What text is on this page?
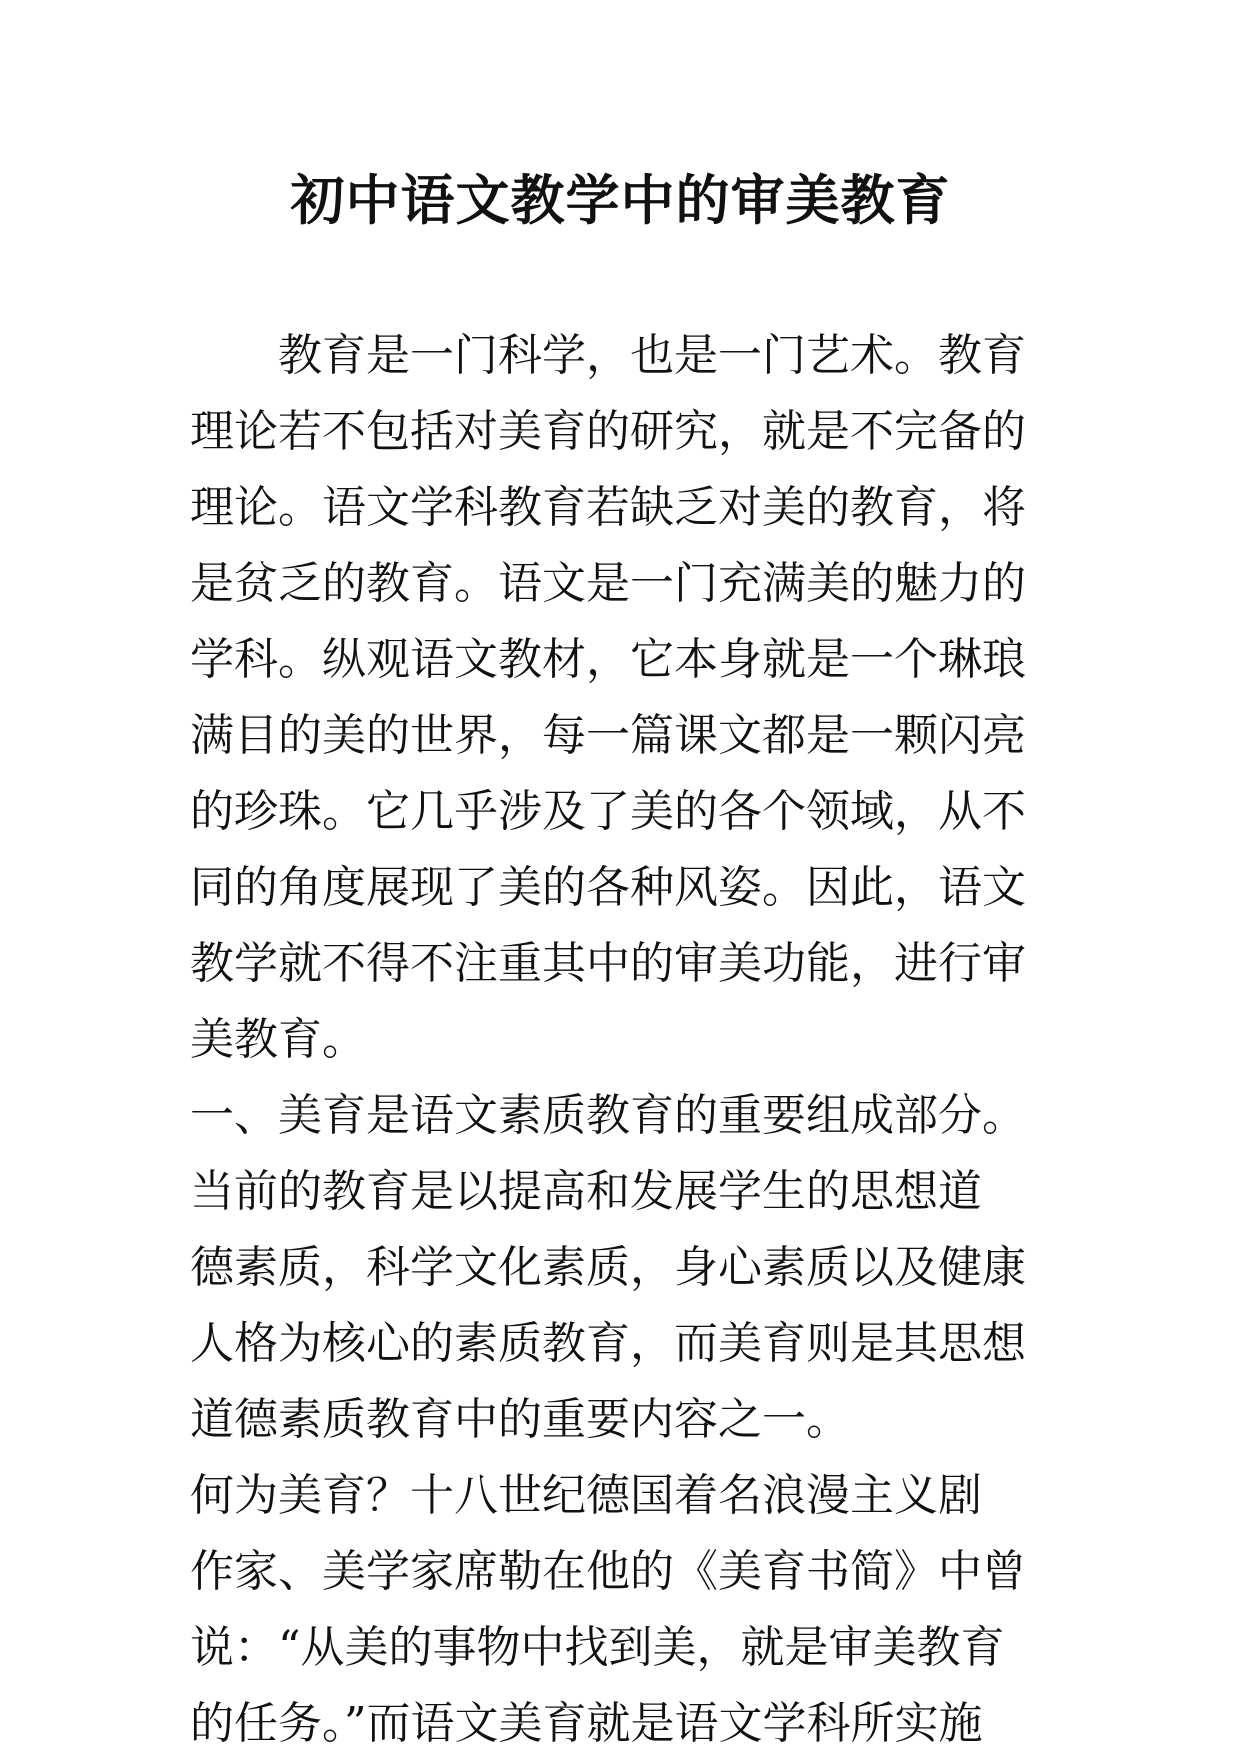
初中语文教学中的审美教育
教育是一门科学，也是一门艺术。教育
理论若不包括对美育的研究，就是不完备的
理论。语文学科教育若缺乏对美的教育，将
是贫乏的教育。语文是一门充满美的魅力的
学科。纵观语文教材，它本身就是一个琳琅
满目的美的世界，每一篇课文都是一颗闪亮
的珍珠。它几乎涉及了美的各个领域，从不
同的角度展现了美的各种风姿。因此，语文
教学就不得不注重其中的审美功能，进行审
美教育。
一、美育是语文素质教育的重要组成部分。
当前的教育是以提高和发展学生的思想道
德素质，科学文化素质，身心素质以及健康
人格为核心的素质教育，而美育则是其思想
道德素质教育中的重要内容之一。
何为美育？十八世纪德国着名浪漫主义剧
作家、美学家席勒在他的《美育书简》中曾
说：“从美的事物中找到美，就是审美教育
的任务。”而语文美育就是语文学科所实施
